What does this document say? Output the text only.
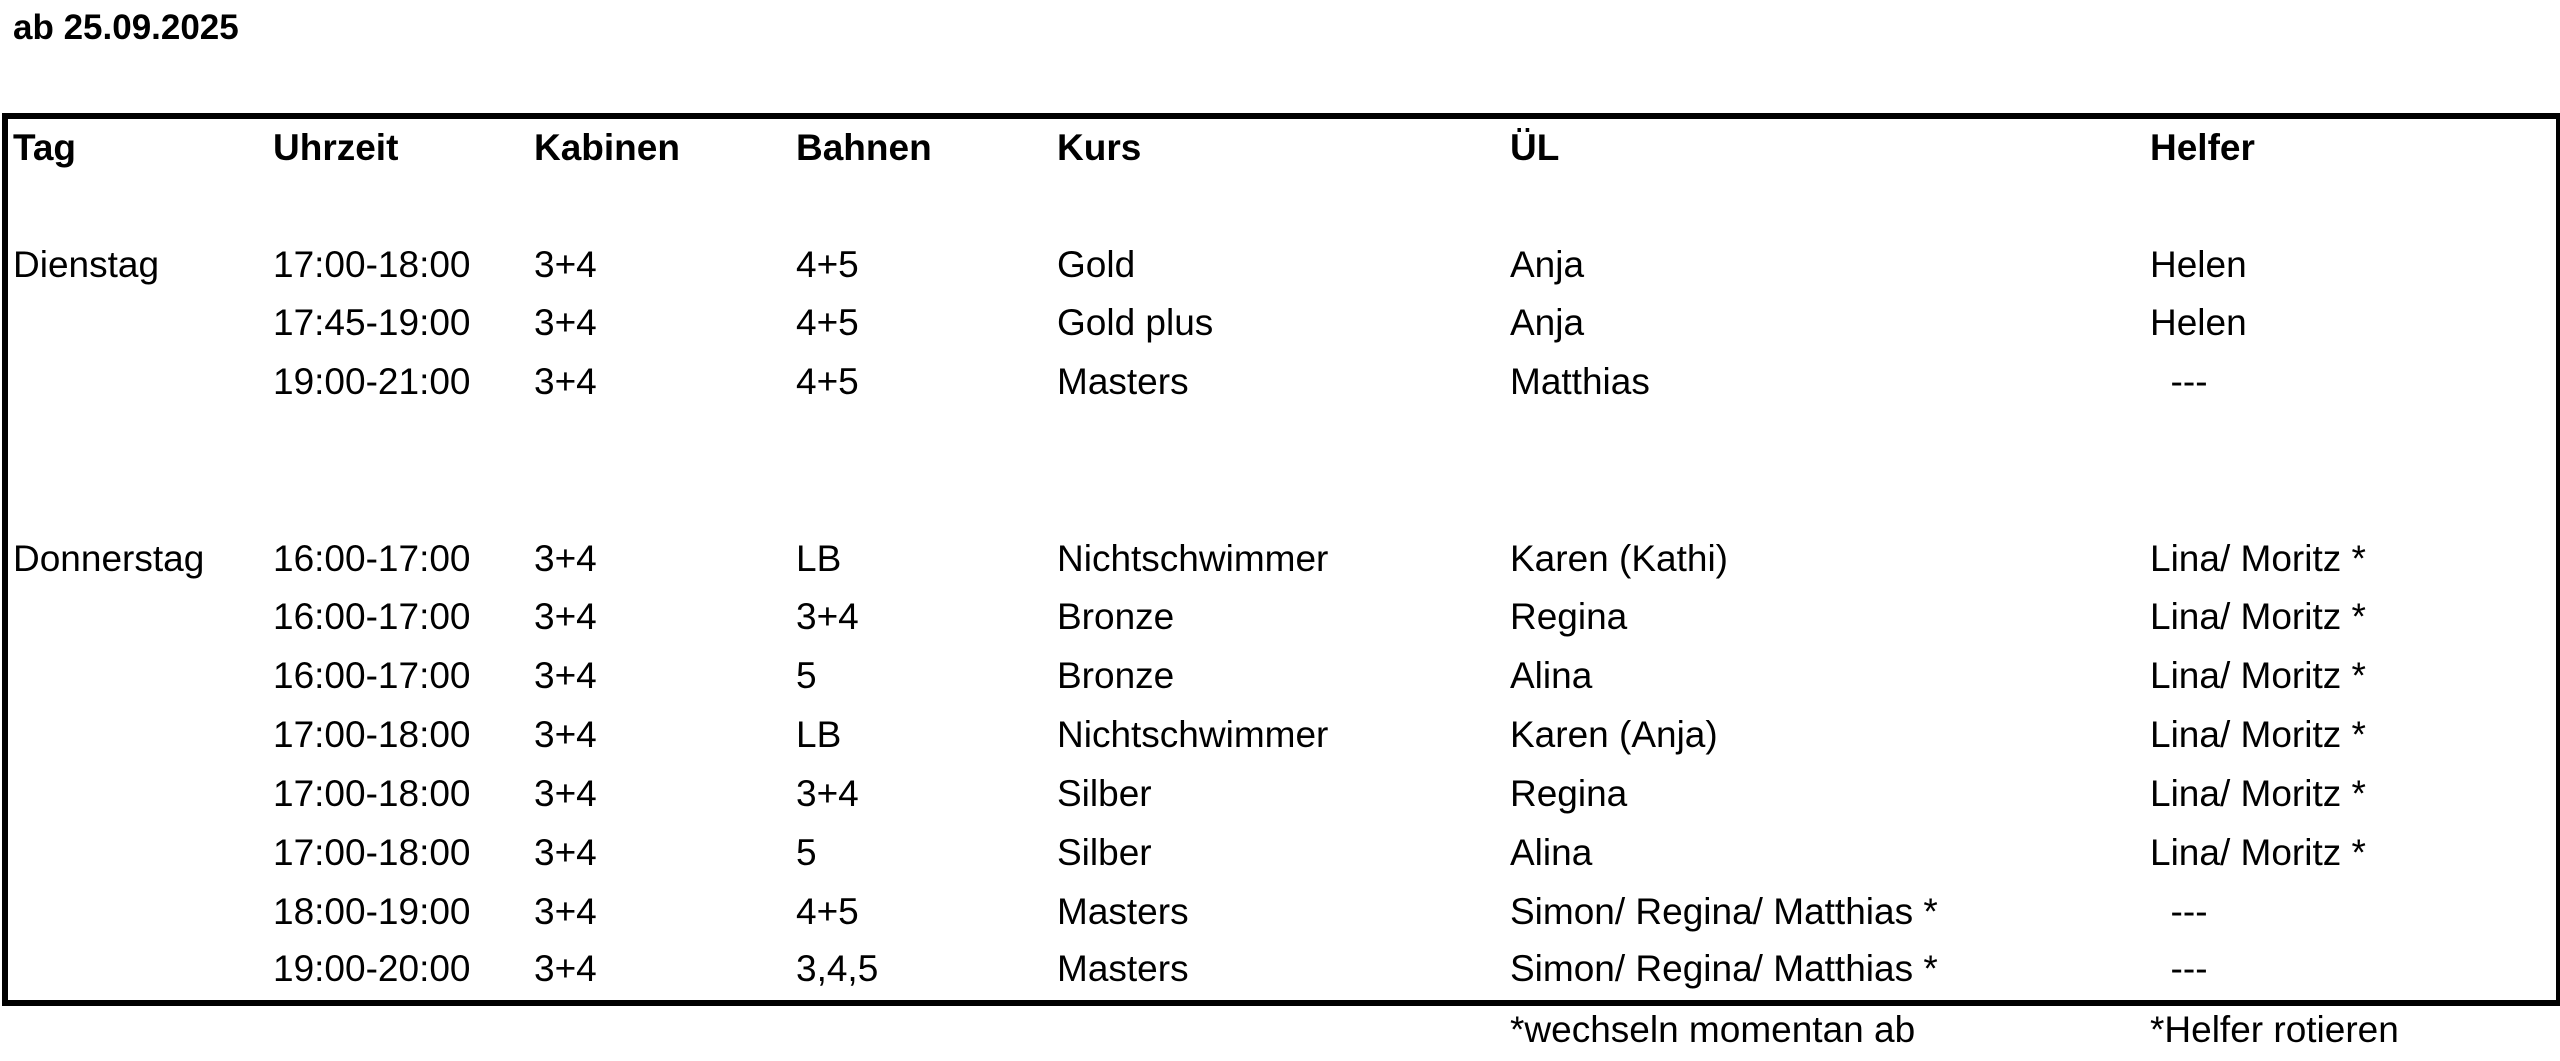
ab 25.09.2025
Tag	Uhrzeit	Kabinen	Bahnen	Kurs	ÜL	Helfer
Dienstag	17:00-18:00 3+4	4+5	Gold	Anja	Helen
17:45-19:00 3+4	4+5	Gold plus	Anja	Helen
19:00-21:00 3+4	4+5	Masters	Matthias	---
Donnerstag 16:00-17:00 3+4	LB	Nichtschwimmer	Karen (Kathi)	Lina/ Moritz *
16:00-17:00 3+4	3+4	Bronze	Regina	Lina/ Moritz *
16:00-17:00 3+4	5	Bronze	Alina	Lina/ Moritz *
17:00-18:00 3+4	LB	Nichtschwimmer	Karen (Anja)	Lina/ Moritz *
17:00-18:00 3+4	3+4	Silber	Regina	Lina/ Moritz *
17:00-18:00 3+4	5	Silber	Alina	Lina/ Moritz *
18:00-19:00 3+4	4+5	Masters	Simon/ Regina/ Matthias *	---
19:00-20:00 3+4	3,4,5	Masters	Simon/ Regina/ Matthias *	---
*wechseln momentan ab	*Helfer rotieren
